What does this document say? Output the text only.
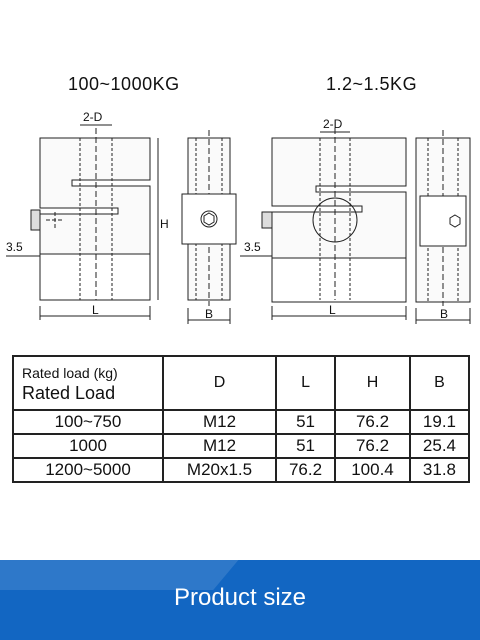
100~1000KG	1.2~1.5KG
2-D
H
L
3.5
B
2-D
L
3.5
B
Rated load (kg)
Rated Load	D	L	H	B
100~750	M12	51	76.2	19.1
1000	M12	51	76.2	25.4
1200~5000	M20x1.5	76.2	100.4	31.8
Product size
